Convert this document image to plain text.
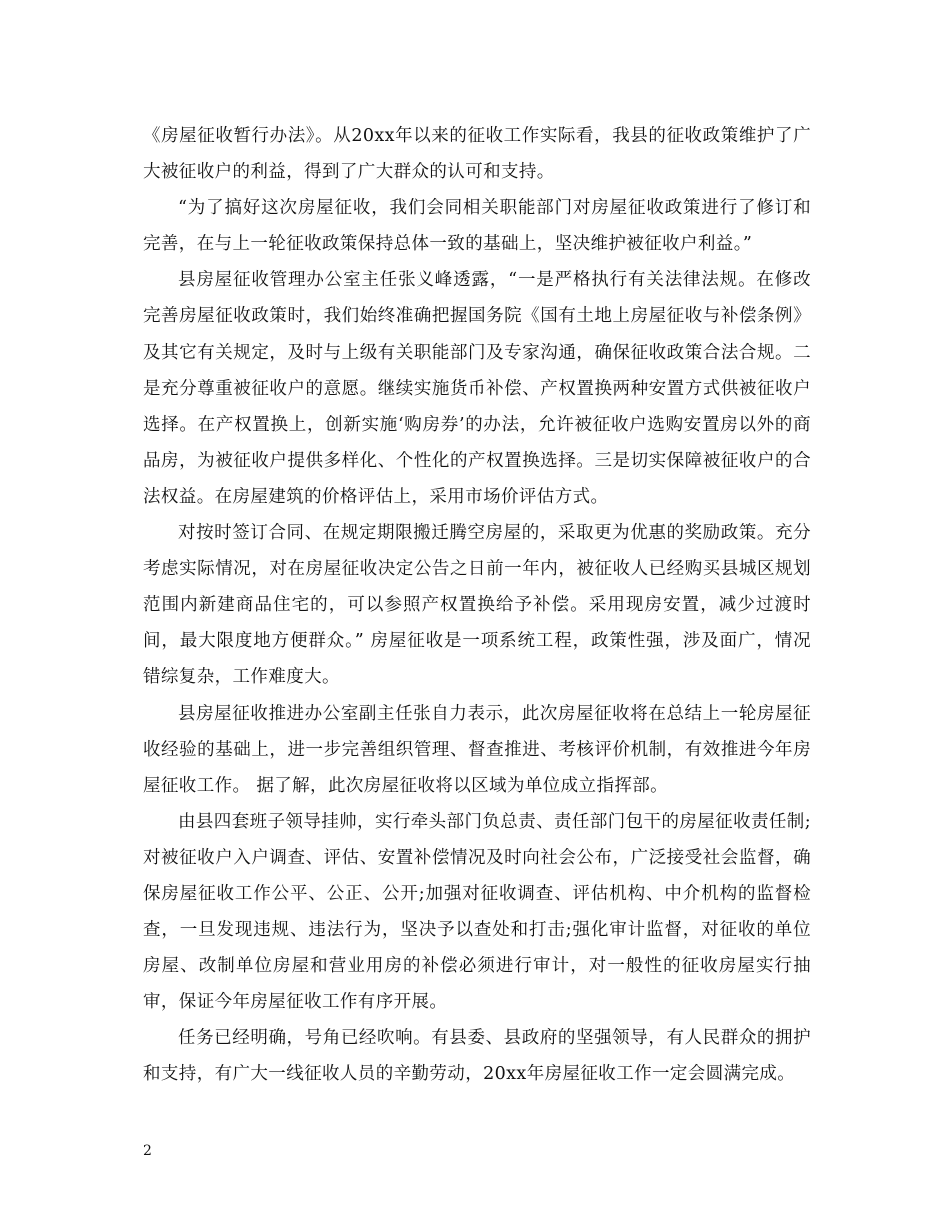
《房屋征收暂行办法》。从20xx年以来的征收工作实际看，我县的征收政策维护了广大被征收户的利益，得到了广大群众的认可和支持。

“为了搞好这次房屋征收，我们会同相关职能部门对房屋征收政策进行了修订和完善，在与上一轮征收政策保持总体一致的基础上，坚决维护被征收户利益。”

县房屋征收管理办公室主任张义峰透露，“一是严格执行有关法律法规。在修改完善房屋征收政策时，我们始终准确把握国务院《国有土地上房屋征收与补偿条例》及其它有关规定，及时与上级有关职能部门及专家沟通，确保征收政策合法合规。二是充分尊重被征收户的意愿。继续实施货币补偿、产权置换两种安置方式供被征收户选择。在产权置换上，创新实施‘购房券’的办法，允许被征收户选购安置房以外的商品房，为被征收户提供多样化、个性化的产权置换选择。三是切实保障被征收户的合法权益。在房屋建筑的价格评估上，采用市场价评估方式。

对按时签订合同、在规定期限搬迁腾空房屋的，采取更为优惠的奖励政策。充分考虑实际情况，对在房屋征收决定公告之日前一年内，被征收人已经购买县城区规划范围内新建商品住宅的，可以参照产权置换给予补偿。采用现房安置，减少过渡时间，最大限度地方便群众。” 房屋征收是一项系统工程，政策性强，涉及面广，情况错综复杂，工作难度大。

县房屋征收推进办公室副主任张自力表示，此次房屋征收将在总结上一轮房屋征收经验的基础上，进一步完善组织管理、督查推进、考核评价机制，有效推进今年房屋征收工作。 据了解，此次房屋征收将以区域为单位成立指挥部。

由县四套班子领导挂帅，实行牵头部门负总责、责任部门包干的房屋征收责任制;对被征收户入户调查、评估、安置补偿情况及时向社会公布，广泛接受社会监督，确保房屋征收工作公平、公正、公开;加强对征收调查、评估机构、中介机构的监督检查，一旦发现违规、违法行为，坚决予以查处和打击;强化审计监督，对征收的单位房屋、改制单位房屋和营业用房的补偿必须进行审计，对一般性的征收房屋实行抽审，保证今年房屋征收工作有序开展。

任务已经明确，号角已经吹响。有县委、县政府的坚强领导，有人民群众的拥护和支持，有广大一线征收人员的辛勤劳动，20xx年房屋征收工作一定会圆满完成。

2
